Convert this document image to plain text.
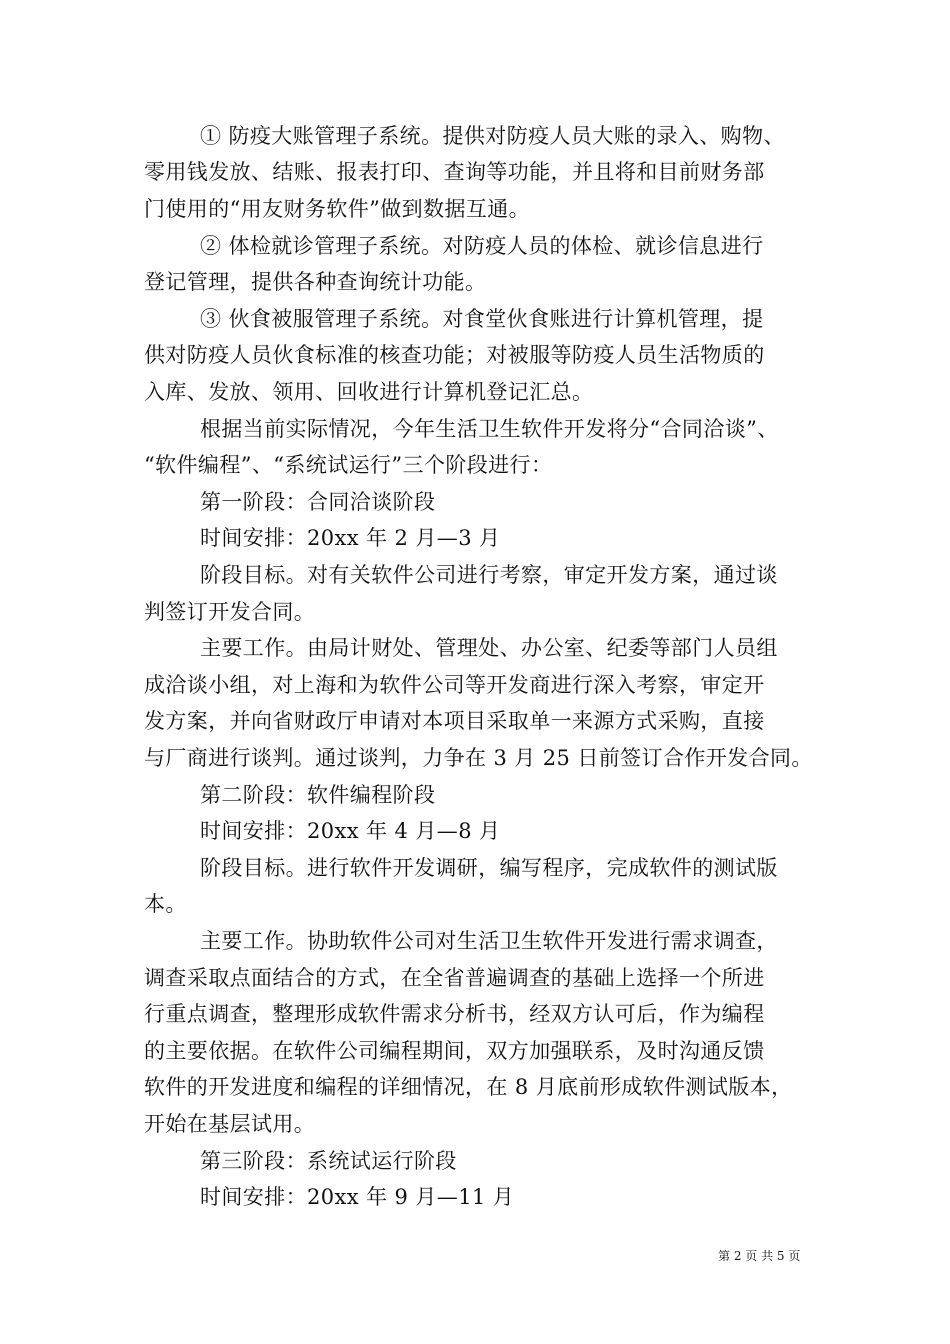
① 防疫大账管理子系统。提供对防疫人员大账的录入、购物、
零用钱发放、结账、报表打印、查询等功能，并且将和目前财务部
门使用的“用友财务软件”做到数据互通。
② 体检就诊管理子系统。对防疫人员的体检、就诊信息进行
登记管理，提供各种查询统计功能。
③ 伙食被服管理子系统。对食堂伙食账进行计算机管理，提
供对防疫人员伙食标准的核查功能；对被服等防疫人员生活物质的
入库、发放、领用、回收进行计算机登记汇总。
根据当前实际情况，今年生活卫生软件开发将分“合同洽谈”、
“软件编程”、“系统试运行”三个阶段进行：
第一阶段：合同洽谈阶段
时间安排：20xx 年 2 月—3 月
阶段目标。对有关软件公司进行考察，审定开发方案，通过谈
判签订开发合同。
主要工作。由局计财处、管理处、办公室、纪委等部门人员组
成洽谈小组，对上海和为软件公司等开发商进行深入考察，审定开
发方案，并向省财政厅申请对本项目采取单一来源方式采购，直接
与厂商进行谈判。通过谈判，力争在 3 月 25 日前签订合作开发合同。
第二阶段：软件编程阶段
时间安排：20xx 年 4 月—8 月
阶段目标。进行软件开发调研，编写程序，完成软件的测试版
本。
主要工作。协助软件公司对生活卫生软件开发进行需求调查，
调查采取点面结合的方式，在全省普遍调查的基础上选择一个所进
行重点调查，整理形成软件需求分析书，经双方认可后，作为编程
的主要依据。在软件公司编程期间，双方加强联系，及时沟通反馈
软件的开发进度和编程的详细情况，在 8 月底前形成软件测试版本，
开始在基层试用。
第三阶段：系统试运行阶段
时间安排：20xx 年 9 月—11 月
第 2 页 共 5 页
